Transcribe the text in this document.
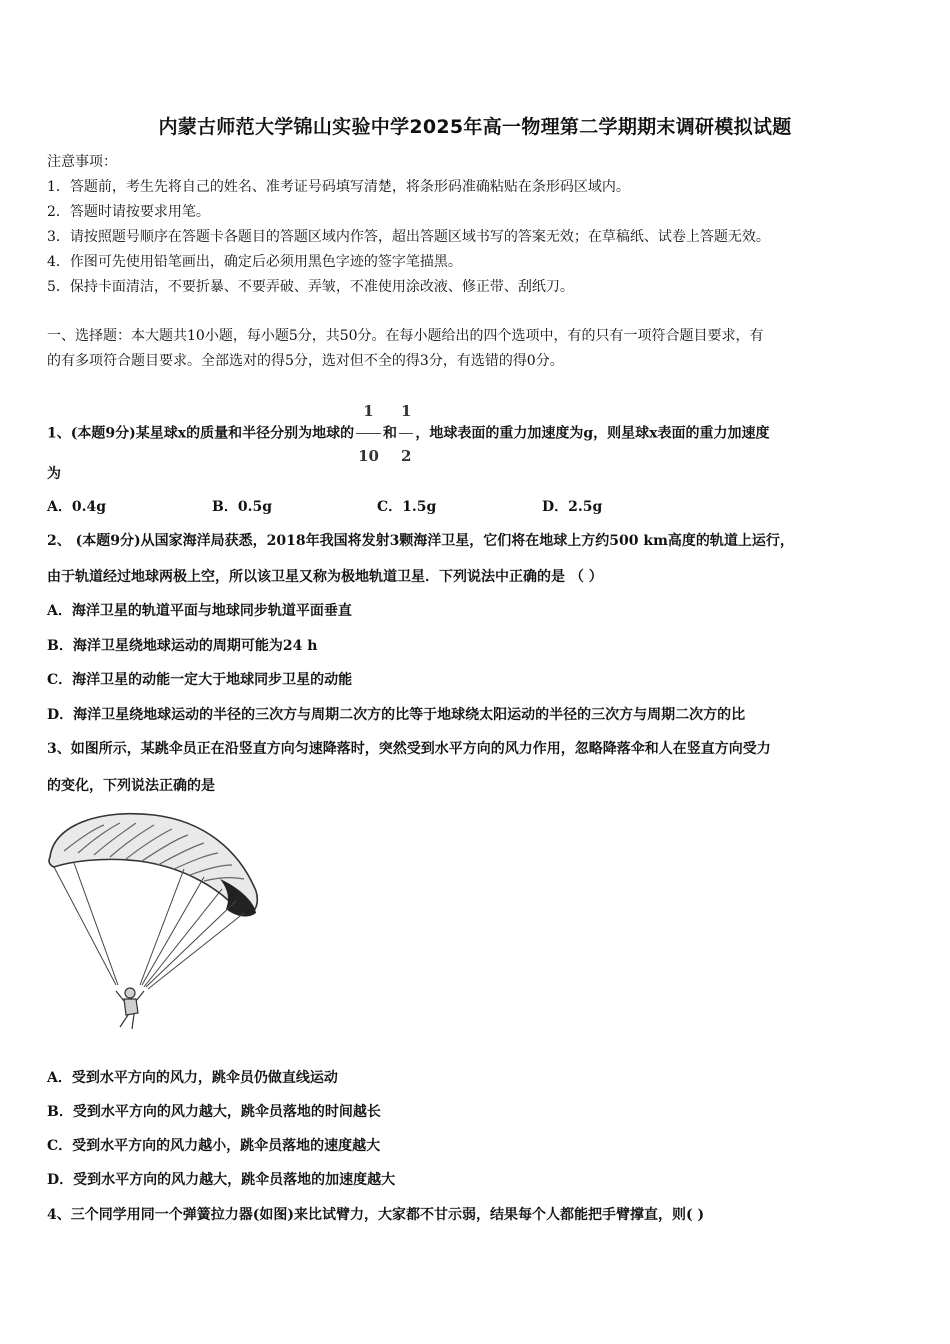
内蒙古师范大学锦山实验中学2025年高一物理第二学期期末调研模拟试题
注意事项：
1．答题前，考生先将自己的姓名、准考证号码填写清楚，将条形码准确粘贴在条形码区域内。
2．答题时请按要求用笔。
3．请按照题号顺序在答题卡各题目的答题区域内作答，超出答题区域书写的答案无效；在草稿纸、试卷上答题无效。
4．作图可先使用铅笔画出，确定后必须用黑色字迹的签字笔描黑。
5．保持卡面清洁，不要折暴、不要弄破、弄皱，不准使用涂改液、修正带、刮纸刀。
一、选择题：本大题共10小题，每小题5分，共50分。在每小题给出的四个选项中，有的只有一项符合题目要求，有
的有多项符合题目要求。全部选对的得5分，选对但不全的得3分，有选错的得0分。
1、(本题9分)某星球x的质量和半径分别为地球的 $\frac{1}{10}$ 和 $\frac{1}{2}$ ，地球表面的重力加速度为g，则星球x表面的重力加速度
为
A．0.4g	B．0.5g	C．1.5g	D．2.5g
2、 (本题9分)从国家海洋局获悉，2018年我国将发射3颗海洋卫星，它们将在地球上方约500 km高度的轨道上运行，
由于轨道经过地球两极上空，所以该卫星又称为极地轨道卫星．下列说法中正确的是 （ ）
A．海洋卫星的轨道平面与地球同步轨道平面垂直
B．海洋卫星绕地球运动的周期可能为24 h
C．海洋卫星的动能一定大于地球同步卫星的动能
D．海洋卫星绕地球运动的半径的三次方与周期二次方的比等于地球绕太阳运动的半径的三次方与周期二次方的比
3、如图所示，某跳伞员正在沿竖直方向匀速降落时，突然受到水平方向的风力作用，忽略降落伞和人在竖直方向受力
的变化，下列说法正确的是
A．受到水平方向的风力，跳伞员仍做直线运动
B．受到水平方向的风力越大，跳伞员落地的时间越长
C．受到水平方向的风力越小，跳伞员落地的速度越大
D．受到水平方向的风力越大，跳伞员落地的加速度越大
4、三个同学用同一个弹簧拉力器(如图)来比试臂力，大家都不甘示弱，结果每个人都能把手臂撑直，则( )
